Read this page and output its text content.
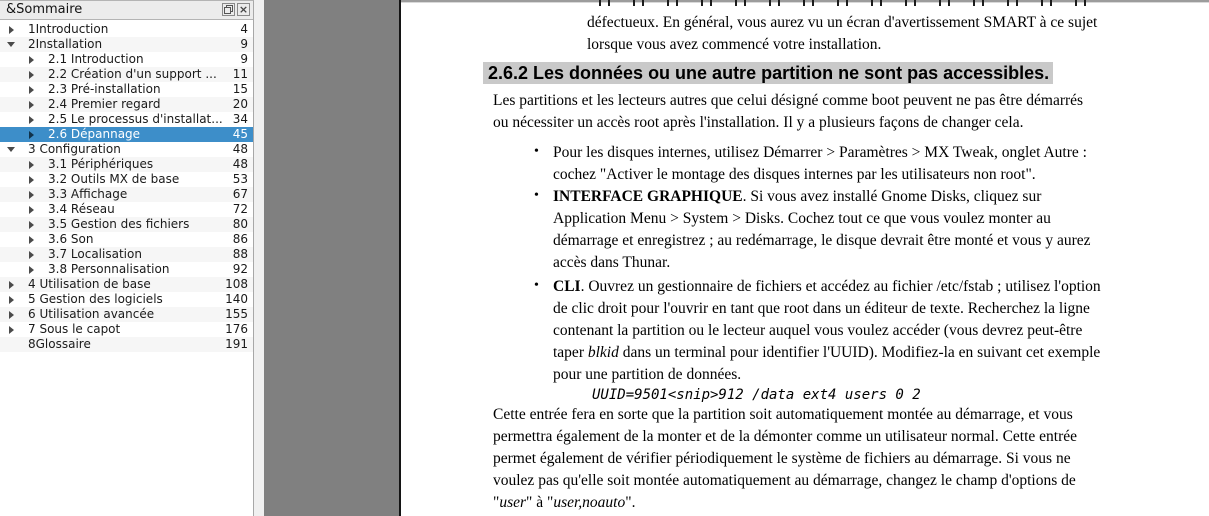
&Sommaire	×
1Introduction	4
2Installation	9
2.1 Introduction	9
2.2 Création d'un support ... 11
2.3 Pré-installation	15
2.4 Premier regard	20
2.5 Le processus d'installat... 34
2.6 Dépannage	45
3 Configuration	48
3.1 Périphériques	48
3.2 Outils MX de base	53
3.3 Affichage	67
3.4 Réseau	72
3.5 Gestion des fichiers	80
3.6 Son	86
3.7 Localisation	88
3.8 Personnalisation	92
4 Utilisation de base	108
5 Gestion des logiciels	140
6 Utilisation avancée	155
7 Sous le capot	176
8Glossaire	191
défectueux. En général, vous aurez vu un écran d'avertissement SMART à ce sujet
lorsque vous avez commencé votre installation.
2.6.2 Les données ou une autre partition ne sont pas accessibles.
Les partitions et les lecteurs autres que celui désigné comme boot peuvent ne pas être démarrés
ou nécessiter un accès root après l'installation. Il y a plusieurs façons de changer cela.
• Pour les disques internes, utilisez Démarrer > Paramètres > MX Tweak, onglet Autre :
cochez "Activer le montage des disques internes par les utilisateurs non root".
• INTERFACE GRAPHIQUE. Si vous avez installé Gnome Disks, cliquez sur
Application Menu > System > Disks. Cochez tout ce que vous voulez monter au
démarrage et enregistrez ; au redémarrage, le disque devrait être monté et vous y aurez
accès dans Thunar.
• CLI. Ouvrez un gestionnaire de fichiers et accédez au fichier /etc/fstab ; utilisez l'option
de clic droit pour l'ouvrir en tant que root dans un éditeur de texte. Recherchez la ligne
contenant la partition ou le lecteur auquel vous voulez accéder (vous devrez peut-être
taper blkid dans un terminal pour identifier l'UUID). Modifiez-la en suivant cet exemple
pour une partition de données.
UUID=9501<snip>912 /data ext4 users 0 2
Cette entrée fera en sorte que la partition soit automatiquement montée au démarrage, et vous
permettra également de la monter et de la démonter comme un utilisateur normal. Cette entrée
permet également de vérifier périodiquement le système de fichiers au démarrage. Si vous ne
voulez pas qu'elle soit montée automatiquement au démarrage, changez le champ d'options de
"user" à "user,noauto".
